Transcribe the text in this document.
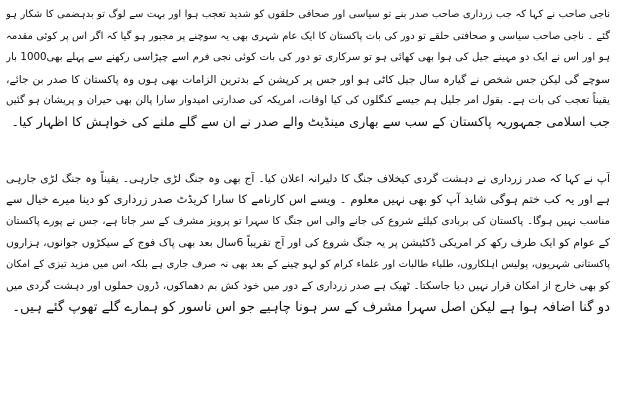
ناجی صاحب نے کہا کہ جب زرداری صاحب صدر بنے تو سیاسی اور صحافی حلقوں کو شدید تعجب ہوا اور بہت سے لوگ تو بدہضمی کا شکار ہو
گئے ۔ ناجی صاحب سیاسی و صحافتی حلقے تو دور کی بات پاکستان کا ایک عام شہری بھی یہ سوچنے پر مجبور ہو گیا کہ اگر اس پر کوئی مقدمہ
ہو اور اس نے ایک دو مہینے جیل کی ہوا بھی کھائی ہو تو سرکاری تو دور کی بات کوئی نجی فرم اسے چپڑاسی رکھنے سے پہلے بھی1000 بار
سوچے گی لیکن جس شخص نے گیارہ سال جیل کاٹی ہو اور جس پر کرپشن کے بدترین الزامات بھی ہوں وہ پاکستان کا صدر بن جائے،
یقیناً تعجب کی بات ہے۔ بقول امر جلیل ہم جیسے کنگلوں کی کیا اوقات، امریکہ کی صدارتی امیدوار سارا پالن بھی حیران و پریشان ہو گئیں
جب اسلامی جمہوریہ پاکستان کے سب سے بھاری مینڈیٹ والے صدر نے ان سے گلے ملنے کی خواہش کا اظہار کیا۔
آپ نے کہا کہ صدر زرداری نے دہشت گردی کیخلاف جنگ کا دلیرانہ اعلان کیا۔ آج بھی وہ جنگ لڑی جارہی۔ یقیناً وہ جنگ لڑی جارہی
ہے اور یہ کب ختم ہوگی شاید آپ کو بھی نہیں معلوم ۔ ویسے اس کارنامے کا سارا کریڈٹ صدر زرداری کو دینا میرے خیال سے
مناسب نہیں ہوگا۔ پاکستان کی بربادی کیلئے شروع کی جانے والی اس جنگ کا سہرا تو پرویز مشرف کے سر جاتا ہے، جس نے پورے پاکستان
کے عوام کو ایک طرف رکھ کر امریکی ڈکٹیشن پر یہ جنگ شروع کی اور آج تقریباً 6سال بعد بھی پاک فوج کے سیکڑوں جوانوں، ہزاروں
پاکستانی شہریوں، پولیس اہلکاروں، طلباء طالبات اور علماء کرام کو لہو چینے کے بعد بھی نہ صرف جاری ہے بلکہ اس میں مزید تیزی کے امکان
کو بھی خارج از امکان قرار نہیں دیا جاسکتا۔ ٹھیک ہے صدر زرداری کے دور میں خود کش بم دھماکوں، ڈرون حملوں اور دہشت گردی میں
دو گنا اضافہ ہوا ہے لیکن اصل سہرا مشرف کے سر ہونا چاہیے جو اس ناسور کو ہمارے گلے تھوپ گئے ہیں۔
